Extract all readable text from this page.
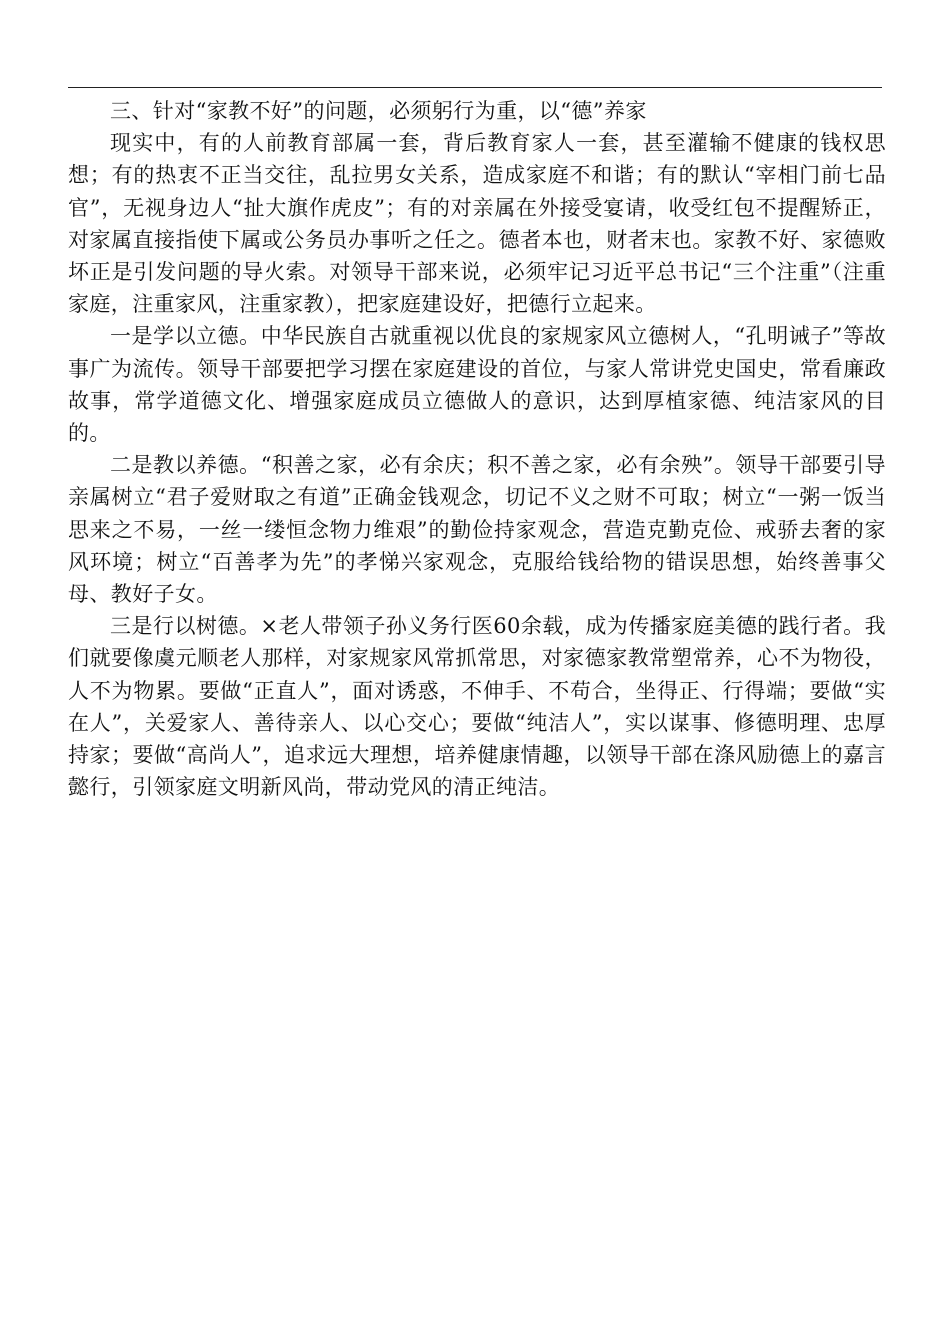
三、针对“家教不好”的问题，必须躬行为重，以“德”养家

现实中，有的人前教育部属一套，背后教育家人一套，甚至灌输不健康的钱权思想；有的热衷不正当交往，乱拉男女关系，造成家庭不和谐；有的默认“宰相门前七品官”，无视身边人“扯大旗作虎皮”；有的对亲属在外接受宴请，收受红包不提醒矫正，对家属直接指使下属或公务员办事听之任之。德者本也，财者末也。家教不好、家德败坏正是引发问题的导火索。对领导干部来说，必须牢记习近平总书记“三个注重”（注重家庭，注重家风，注重家教），把家庭建设好，把德行立起来。

一是学以立德。中华民族自古就重视以优良的家规家风立德树人，“孔明诫子”等故事广为流传。领导干部要把学习摆在家庭建设的首位，与家人常讲党史国史，常看廉政故事，常学道德文化、增强家庭成员立德做人的意识，达到厚植家德、纯洁家风的目的。

二是教以养德。“积善之家，必有余庆；积不善之家，必有余殃”。领导干部要引导亲属树立“君子爱财取之有道”正确金钱观念，切记不义之财不可取；树立“一粥一饭当思来之不易，一丝一缕恒念物力维艰”的勤俭持家观念，营造克勤克俭、戒骄去奢的家风环境；树立“百善孝为先”的孝悌兴家观念，克服给钱给物的错误思想，始终善事父母、教好子女。

三是行以树德。×老人带领子孙义务行医60余载，成为传播家庭美德的践行者。我们就要像虞元顺老人那样，对家规家风常抓常思，对家德家教常塑常养，心不为物役，人不为物累。要做“正直人”，面对诱惑，不伸手、不苟合，坐得正、行得端；要做“实在人”，关爱家人、善待亲人、以心交心；要做“纯洁人”，实以谋事、修德明理、忠厚持家；要做“高尚人”，追求远大理想，培养健康情趣，以领导干部在涤风励德上的嘉言懿行，引领家庭文明新风尚，带动党风的清正纯洁。
